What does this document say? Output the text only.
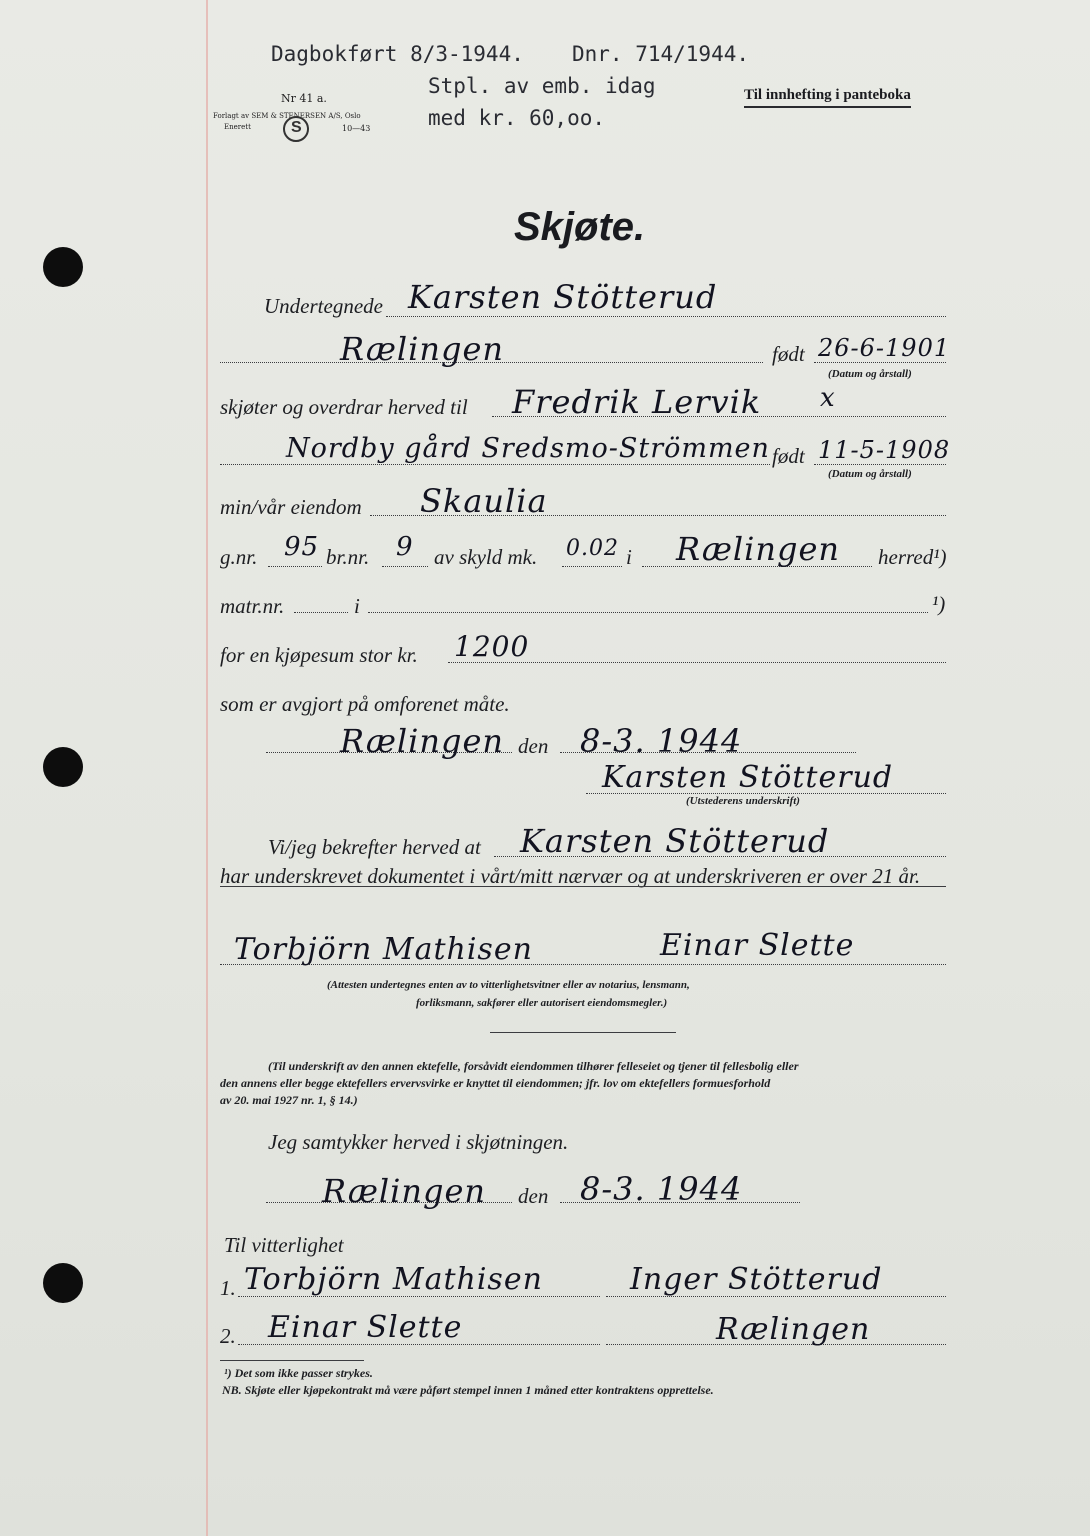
Dagbokført 8/3-1944. Dnr. 714/1944.
Stpl. av emb. idag
med kr. 60,oo.
Nr 41 a.
Forlagt av SEM & STENERSEN A/S, Oslo
Enerett
S	10—43
Til innhefting i panteboka
Skjøte.
Undertegnede Karsten Stötterud
Rælingen	født 26-6-1901
(Datum og årstall)
skjøter og overdrar herved til Fredrik Lervik x
Nordby gård Sredsmo-Strömmen født 11-5-1908
(Datum og årstall)
min/vår eiendom Skaulia
g.nr. 95 br.nr. 9 av skyld mk. 0.02 i Rælingen herred¹)
matr.nr.	i	¹)
for en kjøpesum stor kr. 1200
som er avgjort på omforenet måte.
Rælingen den 8-3. 1944
Karsten Stötterud
(Utstederens underskrift)
Vi/jeg bekrefter herved at Karsten Stötterud
har underskrevet dokumentet i vårt/mitt nærvær og at underskriveren er over 21 år.
Torbjörn Mathisen	Einar Slette
(Attesten undertegnes enten av to vitterlighetsvitner eller av notarius, lensmann,
forliksmann, sakfører eller autorisert eiendomsmegler.)
(Til underskrift av den annen ektefelle, forsåvidt eiendommen tilhører felleseiet og tjener til fellesbolig eller
den annens eller begge ektefellers ervervsvirke er knyttet til eiendommen; jfr. lov om ektefellers formuesforhold
av 20. mai 1927 nr. 1, § 14.)
Jeg samtykker herved i skjøtningen.
Rælingen den 8-3. 1944
Til vitterlighet
1. Torbjörn Mathisen
2. Einar Slette
Inger Stötterud
Rælingen
¹) Det som ikke passer strykes.
NB. Skjøte eller kjøpekontrakt må være påført stempel innen 1 måned etter kontraktens opprettelse.
